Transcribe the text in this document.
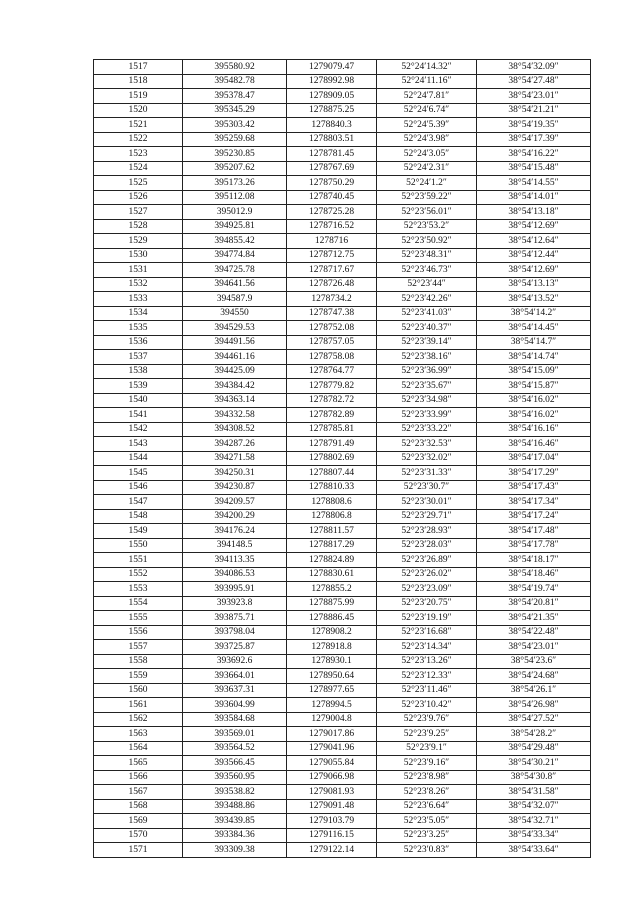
1517	395580.92	1279079.47	52°24′14.32″	38°54′32.09″
1518	395482.78	1278992.98	52°24′11.16″	38°54′27.48″
1519	395378.47	1278909.05	52°24′7.81″	38°54′23.01″
1520	395345.29	1278875.25	52°24′6.74″	38°54′21.21″
1521	395303.42	1278840.3	52°24′5.39″	38°54′19.35″
1522	395259.68	1278803.51	52°24′3.98″	38°54′17.39″
1523	395230.85	1278781.45	52°24′3.05″	38°54′16.22″
1524	395207.62	1278767.69	52°24′2.31″	38°54′15.48″
1525	395173.26	1278750.29	52°24′1.2″	38°54′14.55″
1526	395112.08	1278740.45	52°23′59.22″	38°54′14.01″
1527	395012.9	1278725.28	52°23′56.01″	38°54′13.18″
1528	394925.81	1278716.52	52°23′53.2″	38°54′12.69″
1529	394855.42	1278716	52°23′50.92″	38°54′12.64″
1530	394774.84	1278712.75	52°23′48.31″	38°54′12.44″
1531	394725.78	1278717.67	52°23′46.73″	38°54′12.69″
1532	394641.56	1278726.48	52°23′44″	38°54′13.13″
1533	394587.9	1278734.2	52°23′42.26″	38°54′13.52″
1534	394550	1278747.38	52°23′41.03″	38°54′14.2″
1535	394529.53	1278752.08	52°23′40.37″	38°54′14.45″
1536	394491.56	1278757.05	52°23′39.14″	38°54′14.7″
1537	394461.16	1278758.08	52°23′38.16″	38°54′14.74″
1538	394425.09	1278764.77	52°23′36.99″	38°54′15.09″
1539	394384.42	1278779.82	52°23′35.67″	38°54′15.87″
1540	394363.14	1278782.72	52°23′34.98″	38°54′16.02″
1541	394332.58	1278782.89	52°23′33.99″	38°54′16.02″
1542	394308.52	1278785.81	52°23′33.22″	38°54′16.16″
1543	394287.26	1278791.49	52°23′32.53″	38°54′16.46″
1544	394271.58	1278802.69	52°23′32.02″	38°54′17.04″
1545	394250.31	1278807.44	52°23′31.33″	38°54′17.29″
1546	394230.87	1278810.33	52°23′30.7″	38°54′17.43″
1547	394209.57	1278808.6	52°23′30.01″	38°54′17.34″
1548	394200.29	1278806.8	52°23′29.71″	38°54′17.24″
1549	394176.24	1278811.57	52°23′28.93″	38°54′17.48″
1550	394148.5	1278817.29	52°23′28.03″	38°54′17.78″
1551	394113.35	1278824.89	52°23′26.89″	38°54′18.17″
1552	394086.53	1278830.61	52°23′26.02″	38°54′18.46″
1553	393995.91	1278855.2	52°23′23.09″	38°54′19.74″
1554	393923.8	1278875.99	52°23′20.75″	38°54′20.81″
1555	393875.71	1278886.45	52°23′19.19″	38°54′21.35″
1556	393798.04	1278908.2	52°23′16.68″	38°54′22.48″
1557	393725.87	1278918.8	52°23′14.34″	38°54′23.01″
1558	393692.6	1278930.1	52°23′13.26″	38°54′23.6″
1559	393664.01	1278950.64	52°23′12.33″	38°54′24.68″
1560	393637.31	1278977.65	52°23′11.46″	38°54′26.1″
1561	393604.99	1278994.5	52°23′10.42″	38°54′26.98″
1562	393584.68	1279004.8	52°23′9.76″	38°54′27.52″
1563	393569.01	1279017.86	52°23′9.25″	38°54′28.2″
1564	393564.52	1279041.96	52°23′9.1″	38°54′29.48″
1565	393566.45	1279055.84	52°23′9.16″	38°54′30.21″
1566	393560.95	1279066.98	52°23′8.98″	38°54′30.8″
1567	393538.82	1279081.93	52°23′8.26″	38°54′31.58″
1568	393488.86	1279091.48	52°23′6.64″	38°54′32.07″
1569	393439.85	1279103.79	52°23′5.05″	38°54′32.71″
1570	393384.36	1279116.15	52°23′3.25″	38°54′33.34″
1571	393309.38	1279122.14	52°23′0.83″	38°54′33.64″
